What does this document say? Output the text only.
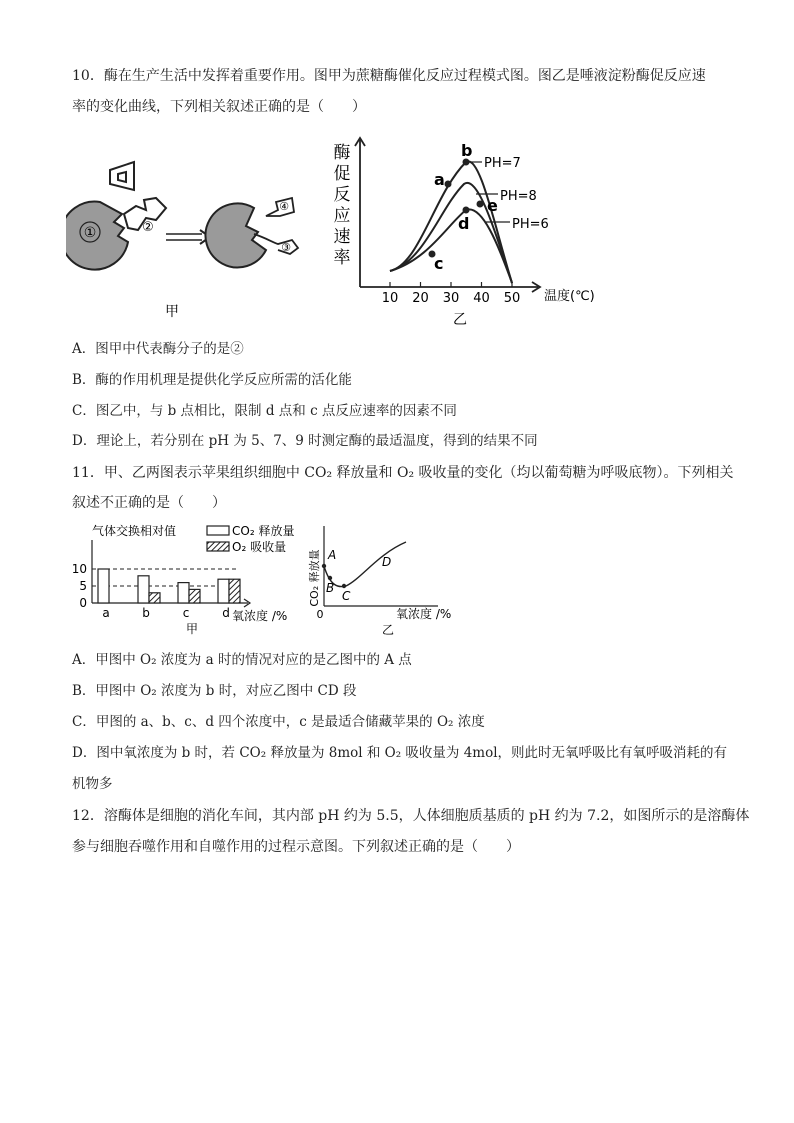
10．酶在生产生活中发挥着重要作用。图甲为蔗糖酶催化反应过程模式图。图乙是唾液淀粉酶促反应速
率的变化曲线，下列相关叙述正确的是（　　）
①	②
④
③
甲
酶
促
反
应
速
率
10 20 30 40 50 温度(℃)
乙
PH=7
PH=8
PH=6
b
a
e
d
c
A．图甲中代表酶分子的是②
B．酶的作用机理是提供化学反应所需的活化能
C．图乙中，与 b 点相比，限制 d 点和 c 点反应速率的因素不同
D．理论上，若分别在 pH 为 5、7、9 时测定酶的最适温度，得到的结果不同
11．甲、乙两图表示苹果组织细胞中 CO₂ 释放量和 O₂ 吸收量的变化（均以葡萄糖为呼吸底物）。下列相关
叙述不正确的是（　　）
气体交换相对值	CO₂ 释放量
O₂ 吸收量
10
5
0
a	b	c	d 氧浓度 /%
甲
CO₂ 释放量 A
B
C
D
0	氧浓度 /%
乙
A．甲图中 O₂ 浓度为 a 时的情况对应的是乙图中的 A 点
B．甲图中 O₂ 浓度为 b 时，对应乙图中 CD 段
C．甲图的 a、b、c、d 四个浓度中，c 是最适合储藏苹果的 O₂ 浓度
D．图中氧浓度为 b 时，若 CO₂ 释放量为 8mol 和 O₂ 吸收量为 4mol，则此时无氧呼吸比有氧呼吸消耗的有
机物多
12．溶酶体是细胞的消化车间，其内部 pH 约为 5.5，人体细胞质基质的 pH 约为 7.2，如图所示的是溶酶体
参与细胞吞噬作用和自噬作用的过程示意图。下列叙述正确的是（　　）
